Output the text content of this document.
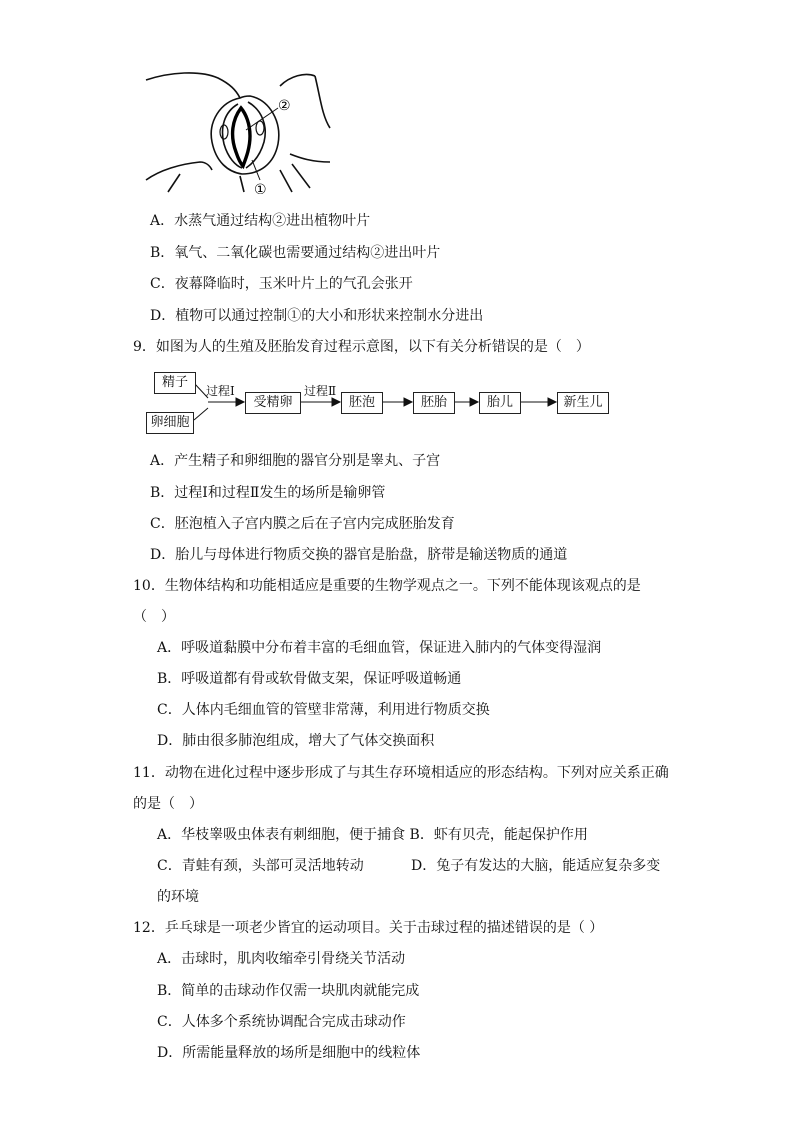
②
①
A．水蒸气通过结构②进出植物叶片
B．氧气、二氧化碳也需要通过结构②进出叶片
C．夜幕降临时，玉米叶片上的气孔会张开
D．植物可以通过控制①的大小和形状来控制水分进出
9．如图为人的生殖及胚胎发育过程示意图，以下有关分析错误的是（　）
精子
卵细胞
过程Ⅰ	过程Ⅱ
受精卵	胚泡	胚胎	胎儿	新生儿
A．产生精子和卵细胞的器官分别是睾丸、子宫
B．过程Ⅰ和过程Ⅱ发生的场所是输卵管
C．胚泡植入子宫内膜之后在子宫内完成胚胎发育
D．胎儿与母体进行物质交换的器官是胎盘，脐带是输送物质的通道
10．生物体结构和功能相适应是重要的生物学观点之一。下列不能体现该观点的是
（　）
A．呼吸道黏膜中分布着丰富的毛细血管，保证进入肺内的气体变得湿润
B．呼吸道都有骨或软骨做支架，保证呼吸道畅通
C．人体内毛细血管的管壁非常薄，利用进行物质交换
D．肺由很多肺泡组成，增大了气体交换面积
11．动物在进化过程中逐步形成了与其生存环境相适应的形态结构。下列对应关系正确
的是（　）
A．华枝睾吸虫体表有刺细胞，便于捕食 B．虾有贝壳，能起保护作用
C．青蛙有颈，头部可灵活地转动	D．兔子有发达的大脑，能适应复杂多变
的环境
12．乒乓球是一项老少皆宜的运动项目。关于击球过程的描述错误的是（ ）
A．击球时，肌肉收缩牵引骨绕关节活动
B．简单的击球动作仅需一块肌肉就能完成
C．人体多个系统协调配合完成击球动作
D．所需能量释放的场所是细胞中的线粒体
